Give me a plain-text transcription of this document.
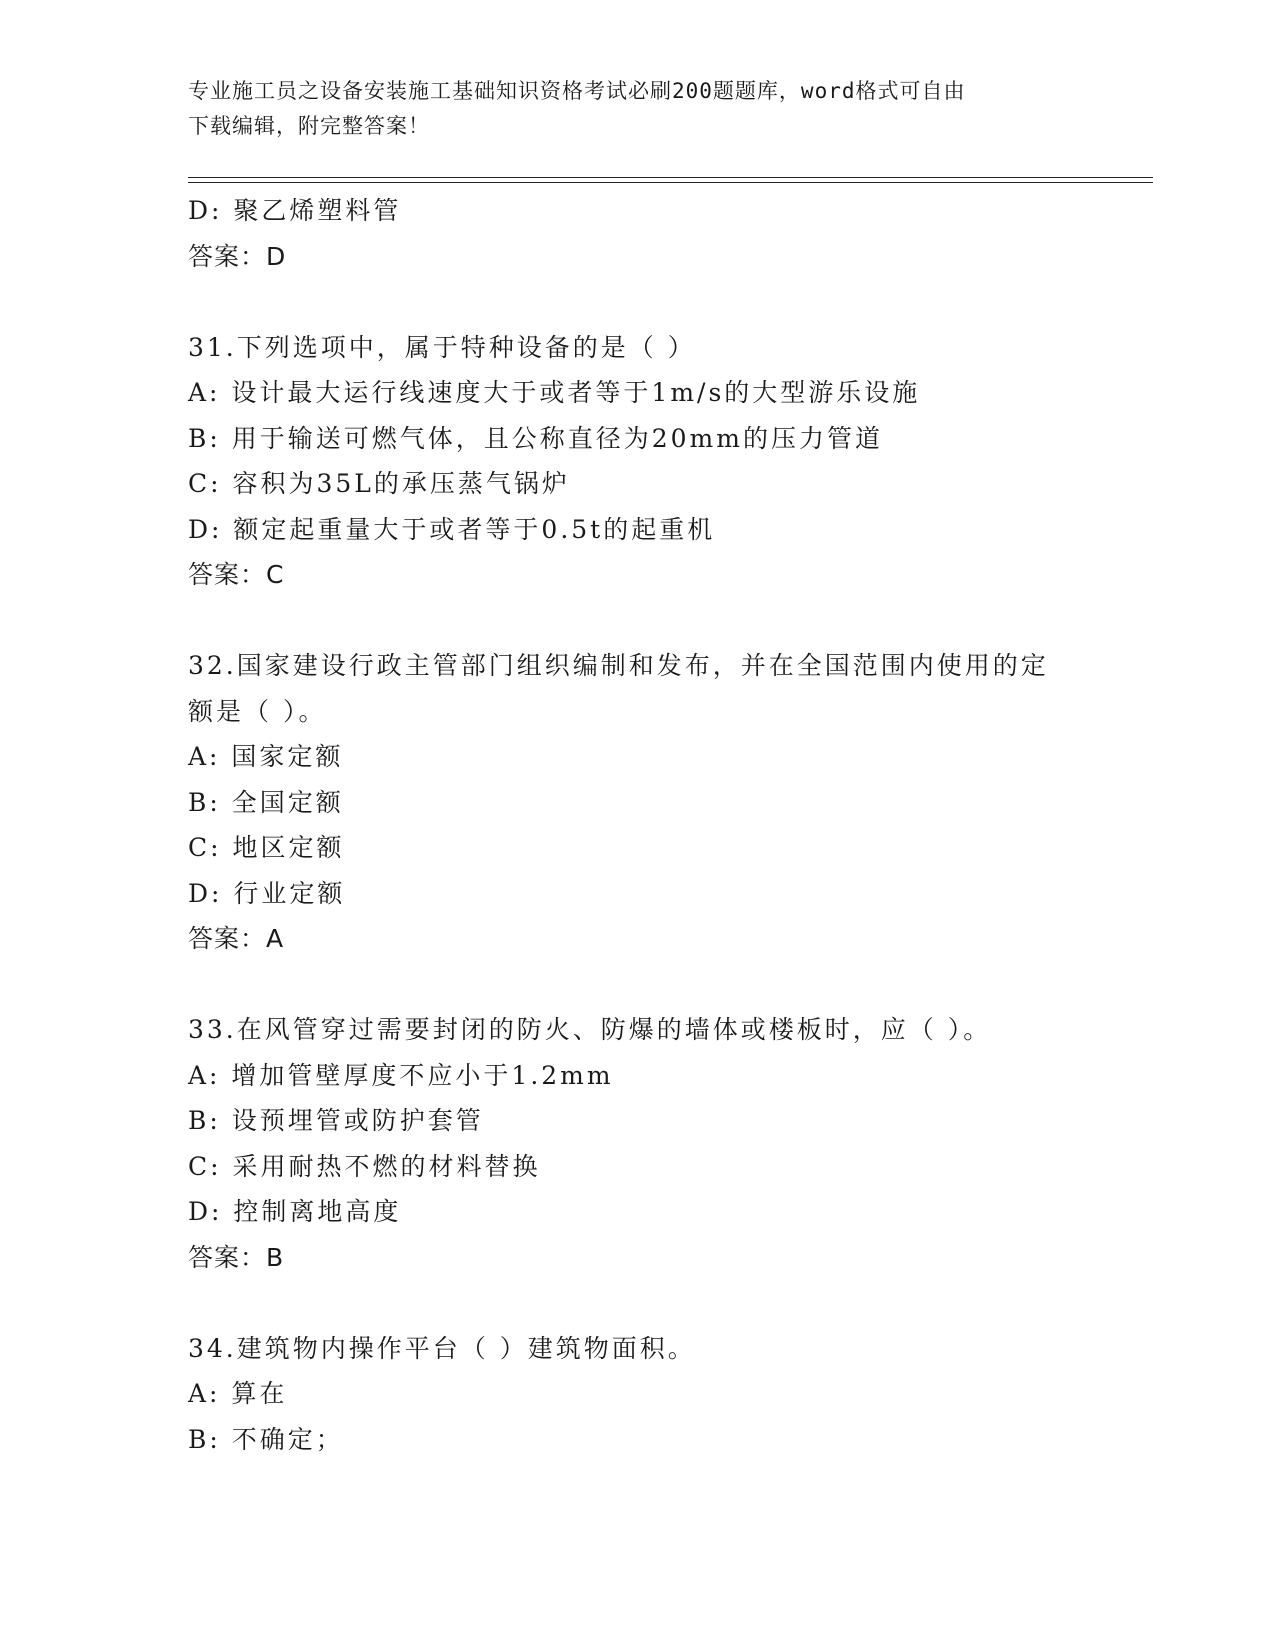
专业施工员之设备安装施工基础知识资格考试必刷200题题库，word格式可自由
下载编辑，附完整答案！
D: 聚乙烯塑料管
答案：D
31.下列选项中，属于特种设备的是（ ）
A: 设计最大运行线速度大于或者等于1m/s的大型游乐设施
B: 用于输送可燃气体，且公称直径为20mm的压力管道
C: 容积为35L的承压蒸气锅炉
D: 额定起重量大于或者等于0.5t的起重机
答案：C
32.国家建设行政主管部门组织编制和发布，并在全国范围内使用的定
额是（ ）。
A: 国家定额
B: 全国定额
C: 地区定额
D: 行业定额
答案：A
33.在风管穿过需要封闭的防火、防爆的墙体或楼板时，应（ ）。
A: 增加管壁厚度不应小于1.2mm
B: 设预埋管或防护套管
C: 采用耐热不燃的材料替换
D: 控制离地高度
答案：B
34.建筑物内操作平台（ ）建筑物面积。
A: 算在
B: 不确定；
